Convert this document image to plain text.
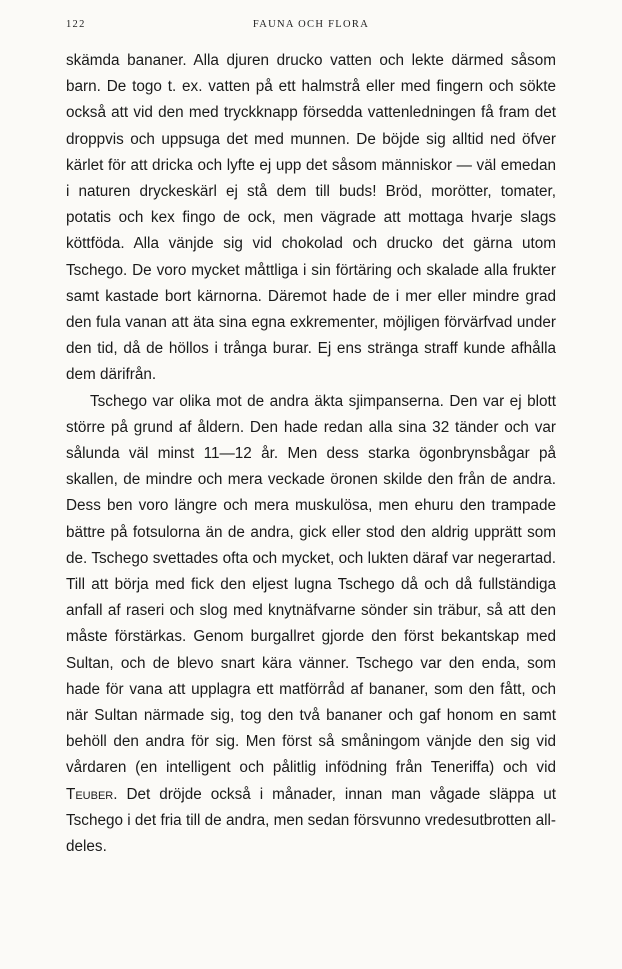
122	FAUNA OCH FLORA

skämda bananer. Alla djuren drucko vatten och lekte därmed såsom barn. De togo t. ex. vatten på ett halmstrå eller med fingern och sökte också att vid den med tryckknapp försedda vattenledningen få fram det droppvis och uppsuga det med munnen. De böjde sig alltid ned öfver kärlet för att dricka och lyfte ej upp det såsom människor — väl emedan i naturen dryckeskärl ej stå dem till buds! Bröd, morötter, tomater, potatis och kex fingo de ock, men vägrade att mottaga hvarje slags köttföda. Alla vänjde sig vid chokolad och drucko det gärna utom Tschego. De voro mycket måttliga i sin förtäring och skalade alla frukter samt kastade bort kärnorna. Däremot hade de i mer eller mindre grad den fula vanan att äta sina egna exkrementer, möjligen förvärfvad under den tid, då de höllos i trånga burar. Ej ens stränga straff kunde afhålla dem därifrån.

Tschego var olika mot de andra äkta sjimpanserna. Den var ej blott större på grund af åldern. Den hade redan alla sina 32 tänder och var sålunda väl minst 11—12 år. Men dess starka ögonbrynsbågar på skallen, de mindre och mera veckade öronen skilde den från de andra. Dess ben voro längre och mera muskulösa, men ehuru den trampade bättre på fotsulorna än de andra, gick eller stod den aldrig upprätt som de. Tschego svettades ofta och mycket, och lukten däraf var negerartad. Till att börja med fick den eljest lugna Tschego då och då fullständiga anfall af raseri och slog med knytnäfvarne sönder sin träbur, så att den måste förstärkas. Genom burgallret gjorde den först bekantskap med Sultan, och de blevo snart kära vänner. Tschego var den enda, som hade för vana att upplagra ett matförråd af bananer, som den fått, och när Sultan närmade sig, tog den två bananer och gaf honom en samt behöll den andra för sig. Men först så småningom vänjde den sig vid vårdaren (en intelligent och pålitlig infödning från Teneriffa) och vid Teuber. Det dröjde också i månader, innan man vågade släppa ut Tschego i det fria till de andra, men sedan försvunno vredesutbrotten alldeles.
